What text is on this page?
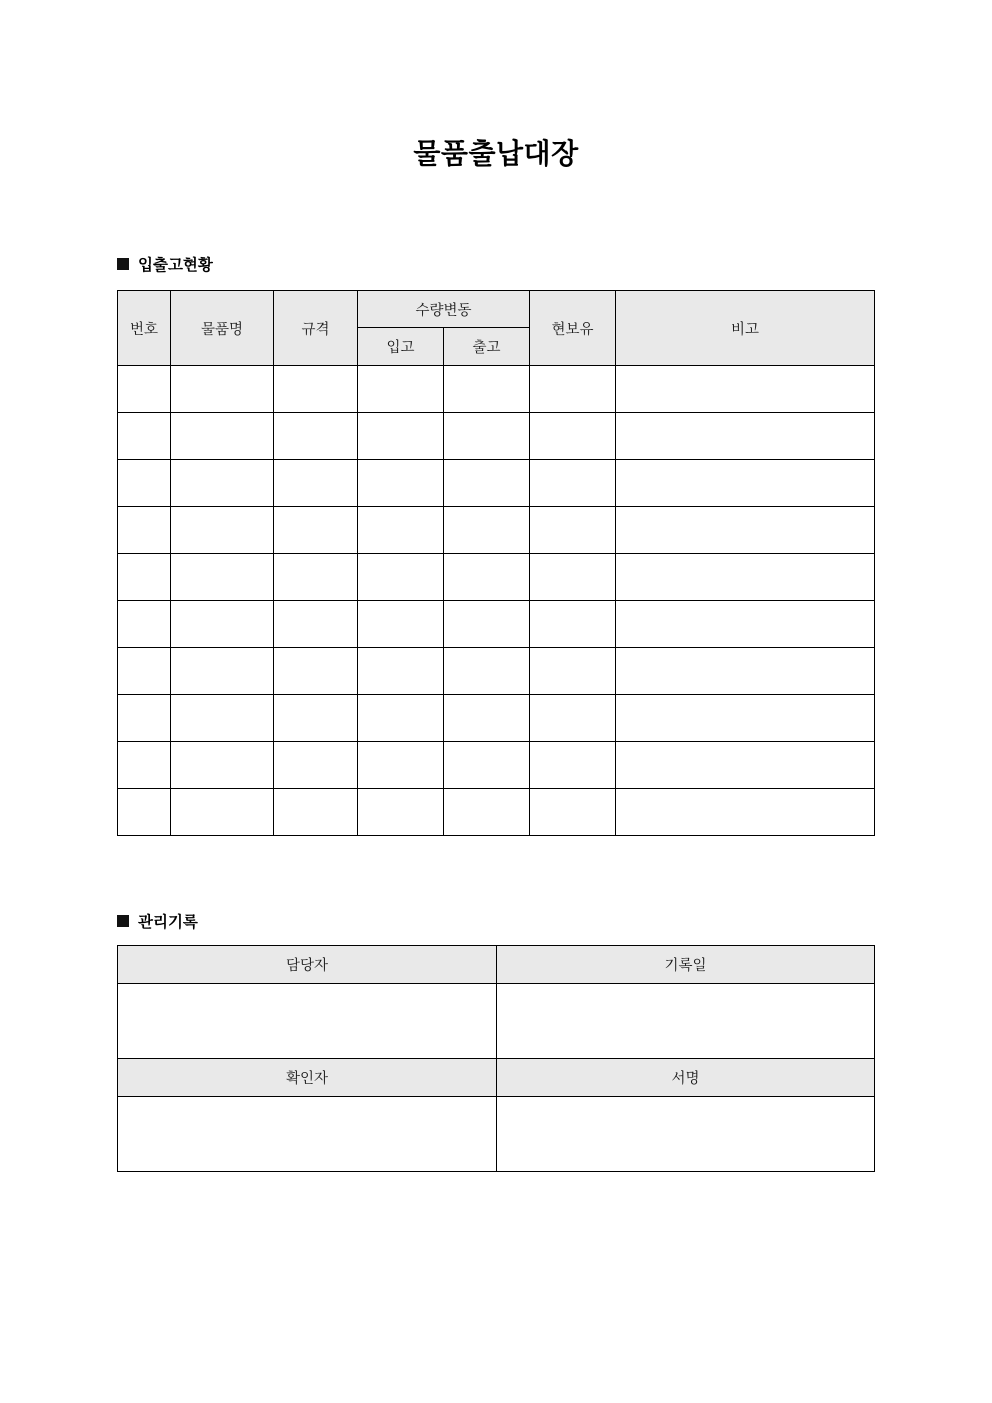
물품출납대장
입출고현황
번호	물품명	규격	수량변동		현보유	비고
			입고	출고		

관리기록
담당자	기록일

확인자	서명
